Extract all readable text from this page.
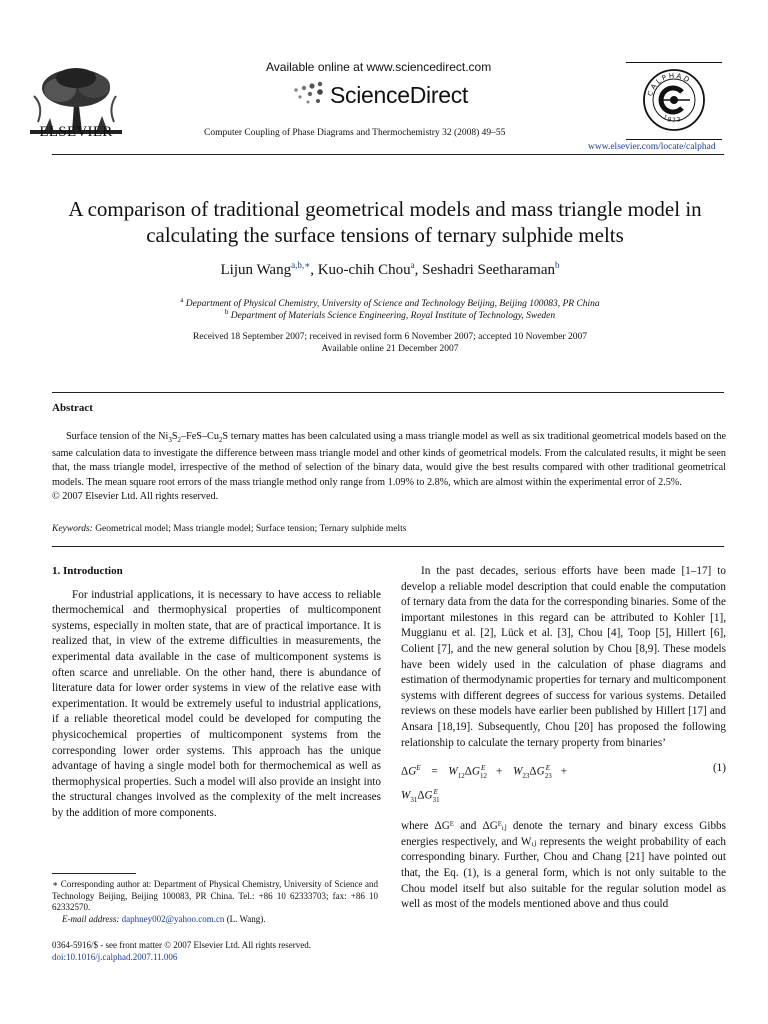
ELSEVIER
Available online at www.sciencedirect.com
ScienceDirect
Computer Coupling of Phase Diagrams and Thermochemistry 32 (2008) 49–55
CALPHAD
1973
www.elsevier.com/locate/calphad
A comparison of traditional geometrical models and mass triangle model in
calculating the surface tensions of ternary sulphide melts
Lijun Wang$^{a,b,∗}$, Kuo-chih Chou$^a$, Seshadri Seetharaman$^b$
$^a$ Department of Physical Chemistry, University of Science and Technology Beijing, Beijing 100083, PR China
$^b$ Department of Materials Science Engineering, Royal Institute of Technology, Sweden
Received 18 September 2007; received in revised form 6 November 2007; accepted 10 November 2007
Available online 21 December 2007
Abstract
Surface tension of the $Ni_3S_2-FeS-Cu_2S$ ternary mattes has been calculated using a mass triangle model as well as six traditional geometrical models based on the same calculation data to investigate the difference between mass triangle model and other kinds of geometrical models. From the calculated results, it might be seen that, the mass triangle model, irrespective of the method of selection of the binary data, would give the best results compared with other traditional geometrical models. The mean square root errors of the mass triangle method only range from 1.09% to 2.8%, which are almost within the experimental error of 2.5%.
© 2007 Elsevier Ltd. All rights reserved.
Keywords: Geometrical model; Mass triangle model; Surface tension; Ternary sulphide melts

1. Introduction

For industrial applications, it is necessary to have access to reliable thermochemical and thermophysical properties of multicomponent systems, especially in molten state, that are of practical importance. It is realized that, in view of the extreme difficulties in measurements, the experimental data available in the case of multicomponent systems is often scarce and unreliable. On the other hand, there is abundance of literature data for lower order systems in view of the relative ease with experimentation. It would be extremely useful to industrial applications, if a reliable theoretical model could be developed for computing the physicochemical properties of multicomponent systems from the corresponding lower order systems. This approach has the unique advantage of having a single model both for thermochemical as well as thermophysical properties. Such a model will also provide an insight into the structural changes involved as the complexity of the melt increases by the addition of more components.

∗ Corresponding author at: Department of Physical Chemistry, University of Science and Technology Beijing, Beijing 100083, PR China. Tel.: +86 10 62333703; fax: +86 10 62332570.
E-mail address: daphney002@yahoo.com.cn (L. Wang).
0364-5916/$ - see front matter © 2007 Elsevier Ltd. All rights reserved.
doi:10.1016/j.calphad.2007.11.006

In the past decades, serious efforts have been made [1–17] to develop a reliable model description that could enable the computation of ternary data from the data for the corresponding binaries. Some of the important milestones in this regard can be attributed to Kohler [1], Muggianu et al. [2], Lück et al. [3], Chou [4], Toop [5], Hillert [6], Colient [7], and the new general solution by Chou [8,9]. These models have been widely used in the calculation of phase diagrams and estimation of thermodynamic properties for ternary and multicomponent systems with different degrees of success for various systems. Detailed reviews on these models have earlier been published by Hillert [17] and Ansara [18,19]. Subsequently, Chou [20] has proposed the following relationship to calculate the ternary property from binaries’

$\Delta G^E = W_{12}\Delta G_{12}^E + W_{23}\Delta G_{23}^E + W_{31}\Delta G_{31}^E$
(1)

where ΔGᴱ and ΔGᴱᵢⱼ denote the ternary and binary excess Gibbs energies respectively, and Wᵢⱼ represents the weight probability of each corresponding binary. Further, Chou and Chang [21] have pointed out that, the Eq. (1), is a general form, which is not only suitable to the Chou model itself but also suitable for the regular solution model as well as most of the models mentioned above and thus could
